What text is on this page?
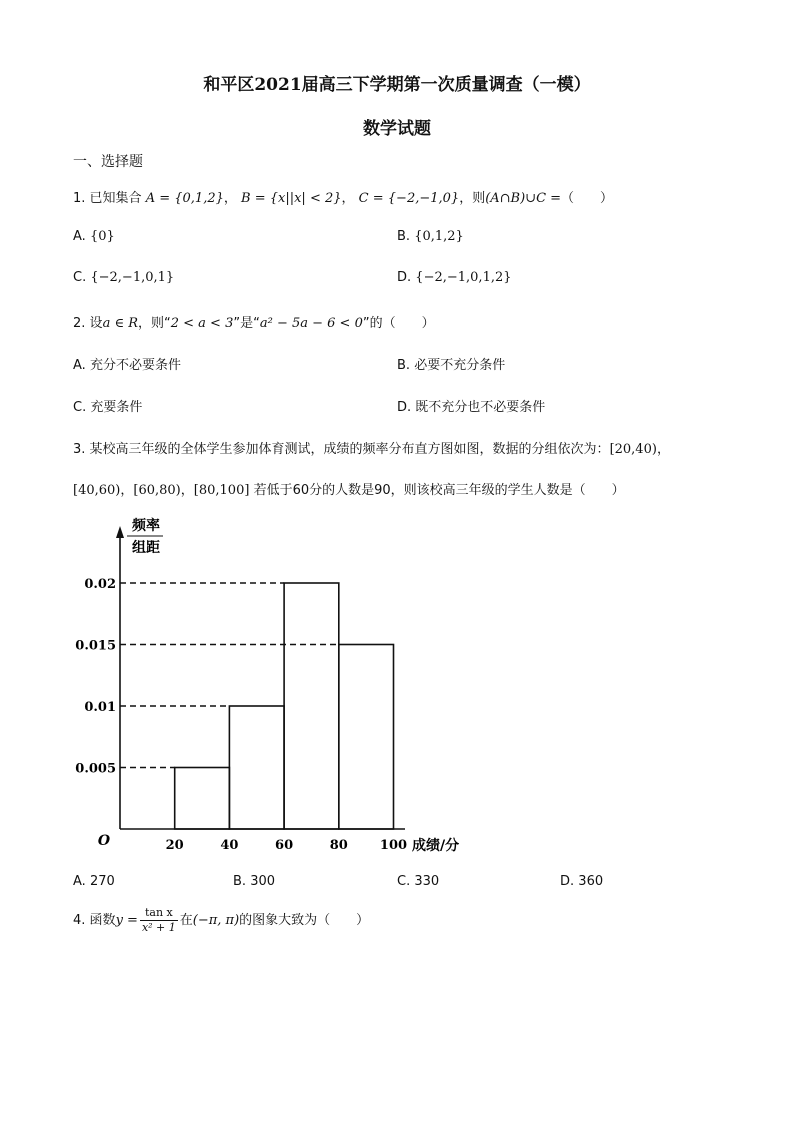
和平区2021届高三下学期第一次质量调查（一模）
数学试题
一、选择题
1. 已知集合 A = {0,1,2}， B = {x||x| < 2}， C = {−2,−1,0}，则(A∩B)∪C =（　　）
A. {0}	B. {0,1,2}
C. {−2,−1,0,1}	D. {−2,−1,0,1,2}
2. 设a ∈ R，则“2 < a < 3”是“a² − 5a − 6 < 0”的（　　）
A. 充分不必要条件	B. 必要不充分条件
C. 充要条件	D. 既不充分也不必要条件
3. 某校高三年级的全体学生参加体育测试，成绩的频率分布直方图如图，数据的分组依次为：[20,40)，
[40,60)，[60,80)，[80,100] 若低于60分的人数是90，则该校高三年级的学生人数是（　　）
频率
组距
0.005
0.01
0.015
0.02
20	40	60	80 100
O	成绩/分
A. 270	B. 300	C. 330	D. 360
4. 函数$y = \frac{\text{tan x}}{\text{x² + 1}}$ 在(−π, π)的图象大致为（　　）
